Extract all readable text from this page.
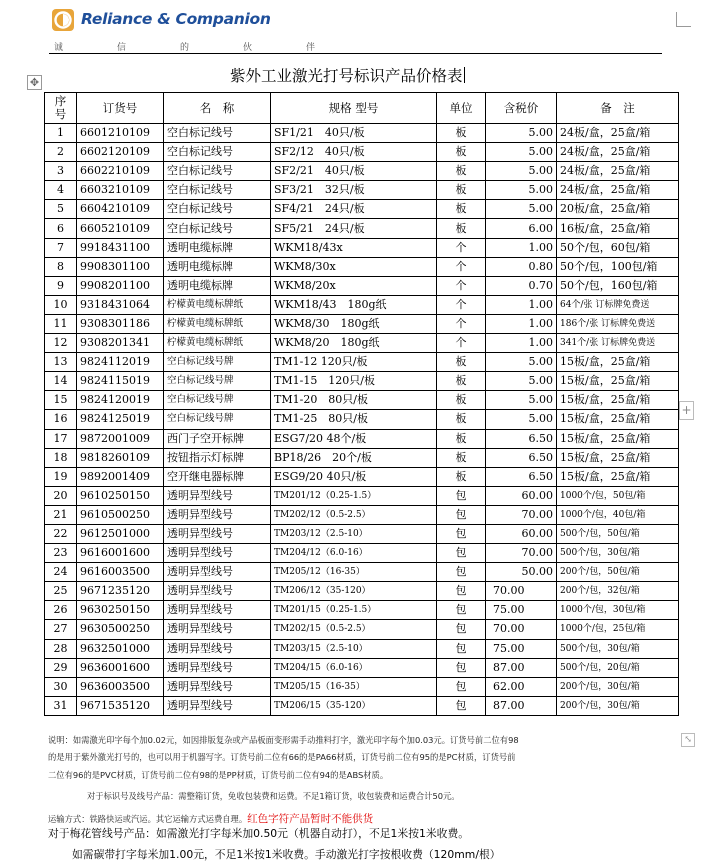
Reliance & Companion
诚	信	的	伙	伴
✥
+
⤡
紫外工业激光打号标识产品价格表
序号	订货号	名　称	规格 型号	单位	含税价	备　注
1	6601210109	空白标记线号	SF1/21　40只/板	板	5.00	24板/盒，25盒/箱
2	6602120109	空白标记线号	SF2/12　40只/板	板	5.00	24板/盒，25盒/箱
3	6602210109	空白标记线号	SF2/21　40只/板	板	5.00	24板/盒，25盒/箱
4	6603210109	空白标记线号	SF3/21　32只/板	板	5.00	24板/盒，25盒/箱
5	6604210109	空白标记线号	SF4/21　24只/板	板	5.00	20板/盒，25盒/箱
6	6605210109	空白标记线号	SF5/21　24只/板	板	6.00	16板/盒，25盒/箱
7	9918431100	透明电缆标牌	WKM18/43x	个	1.00	50个/包，60包/箱
8	9908301100	透明电缆标牌	WKM8/30x	个	0.80	50个/包，100包/箱
9	9908201100	透明电缆标牌	WKM8/20x	个	0.70	50个/包，160包/箱
10	9318431064	柠檬黄电缆标牌纸	WKM18/43　180g纸	个	1.00	64个/张 订标牌免费送
11	9308301186	柠檬黄电缆标牌纸	WKM8/30　180g纸	个	1.00	186个/张 订标牌免费送
12	9308201341	柠檬黄电缆标牌纸	WKM8/20　180g纸	个	1.00	341个/张 订标牌免费送
13	9824112019	空白标记线号牌	TM1-12 120只/板	板	5.00	15板/盒，25盒/箱
14	9824115019	空白标记线号牌	TM1-15　120只/板	板	5.00	15板/盒，25盒/箱
15	9824120019	空白标记线号牌	TM1-20　80只/板	板	5.00	15板/盒，25盒/箱
16	9824125019	空白标记线号牌	TM1-25　80只/板	板	5.00	15板/盒，25盒/箱
17	9872001009	西门子空开标牌	ESG7/20 48个/板	板	6.50	15板/盒，25盒/箱
18	9818260109	按钮指示灯标牌	BP18/26　20个/板	板	6.50	15板/盒，25盒/箱
19	9892001409	空开继电器标牌	ESG9/20 40只/板	板	6.50	15板/盒，25盒/箱
20	9610250150	透明异型线号	TM201/12（0.25-1.5）	包	60.00	1000个/包，50包/箱
21	9610500250	透明异型线号	TM202/12（0.5-2.5）	包	70.00	1000个/包，40包/箱
22	9612501000	透明异型线号	TM203/12（2.5-10）	包	60.00	500个/包，50包/箱
23	9616001600	透明异型线号	TM204/12（6.0-16）	包	70.00	500个/包，30包/箱
24	9616003500	透明异型线号	TM205/12（16-35）	包	50.00	200个/包，50包/箱
25	9671235120	透明异型线号	TM206/12（35-120）	包	70.00	200个/包，32包/箱
26	9630250150	透明异型线号	TM201/15（0.25-1.5）	包	75.00	1000个/包，30包/箱
27	9630500250	透明异型线号	TM202/15（0.5-2.5）	包	70.00	1000个/包，25包/箱
28	9632501000	透明异型线号	TM203/15（2.5-10）	包	75.00	500个/包，30包/箱
29	9636001600	透明异型线号	TM204/15（6.0-16）	包	87.00	500个/包，20包/箱
30	9636003500	透明异型线号	TM205/15（16-35）	包	62.00	200个/包，30包/箱
31	9671535120	透明异型线号	TM206/15（35-120）	包	87.00	200个/包，30包/箱
说明：如需激光印字每个加0.02元，如因排版复杂或产品板面变形需手动推料打字，激光印字每个加0.03元。订货号前二位有98
的是用于紫外激光打号的，也可以用于机器写字。订货号前二位有66的是PA66材质，订货号前二位有95的是PC材质，订货号前
二位有96的是PVC材质，订货号前二位有98的是PP材质，订货号前二位有94的是ABS材质。
对于标识号及线号产品：需整箱订货，免收包装费和运费。不足1箱订货，收包装费和运费合计50元。
运输方式：铁路快运或汽运。其它运输方式运费自理。红色字符产品暂时不能供货
对于梅花管线号产品：如需激光打字每米加0.50元（机器自动打），不足1米按1米收费。
如需碳带打字每米加1.00元，不足1米按1米收费。手动激光打字按根收费（120mm/根）
